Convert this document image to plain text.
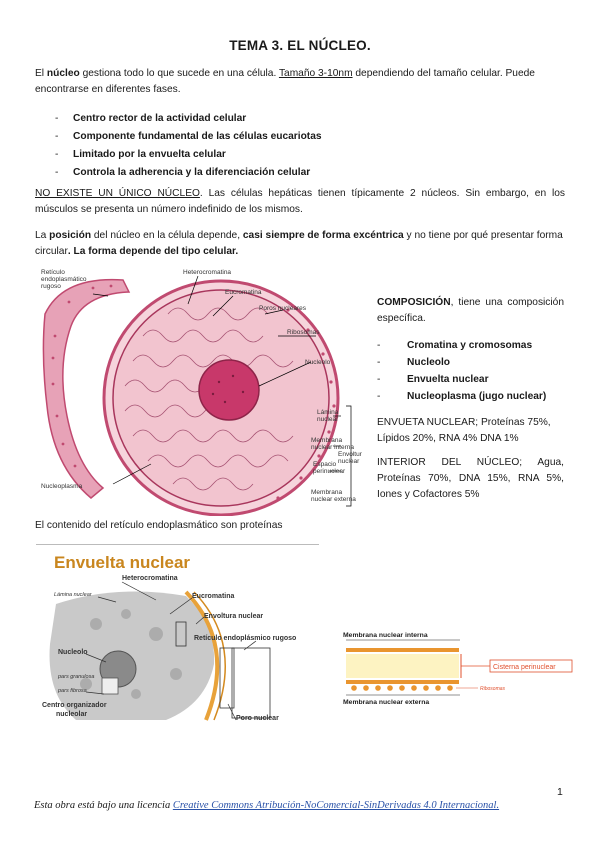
TEMA 3. EL NÚCLEO.

El núcleo gestiona todo lo que sucede en una célula. Tamaño 3-10nm dependiendo del tamaño celular. Puede encontrarse en diferentes fases.

- Centro rector de la actividad celular
- Componente fundamental de las células eucariotas
- Limitado por la envuelta celular
- Controla la adherencia y la diferenciación celular

NO EXISTE UN ÚNICO NÚCLEO. Las células hepáticas tienen típicamente 2 núcleos. Sin embargo, en los músculos se presenta un número indefinido de los mismos.

La posición del núcleo en la célula depende, casi siempre de forma excéntrica y no tiene por qué presentar forma circular. La forma depende del tipo celular.

Retículo endoplasmático rugoso
Heterocromatina
Eucromatina
Poros nucleares
Ribosomas
Nucleolo
Lámina nuclear
Membrana nuclear interna
Espacio perinuclear
Membrana nuclear externa
Envoltur nuclear
Nucleoplasma
COMPOSICIÓN, tiene una composición específica.
- Cromatina y cromosomas
- Nucleolo
- Envuelta nuclear
- Nucleoplasma (jugo nuclear)
ENVUETA NUCLEAR; Proteínas 75%, Lípidos 20%, RNA 4% DNA 1%
INTERIOR DEL NÚCLEO; Agua, Proteínas 70%, DNA 15%, RNA 5%, Iones y Cofactores 5%

El contenido del retículo endoplasmático son proteínas

Envuelta nuclear
Heterocromatina
Lámina nuclear	Eucromatina
Envoltura nuclear
Retículo endoplásmico rugoso
Nucleolo
pars granulosa
pars fibrosa
Centro organizador nucleolar
Poro nuclear
Membrana nuclear interna
Cisterna perinuclear
Ribosomas
Membrana nuclear externa
1
Esta obra está bajo una licencia Creative Commons Atribución-NoComercial-SinDerivadas 4.0 Internacional.
